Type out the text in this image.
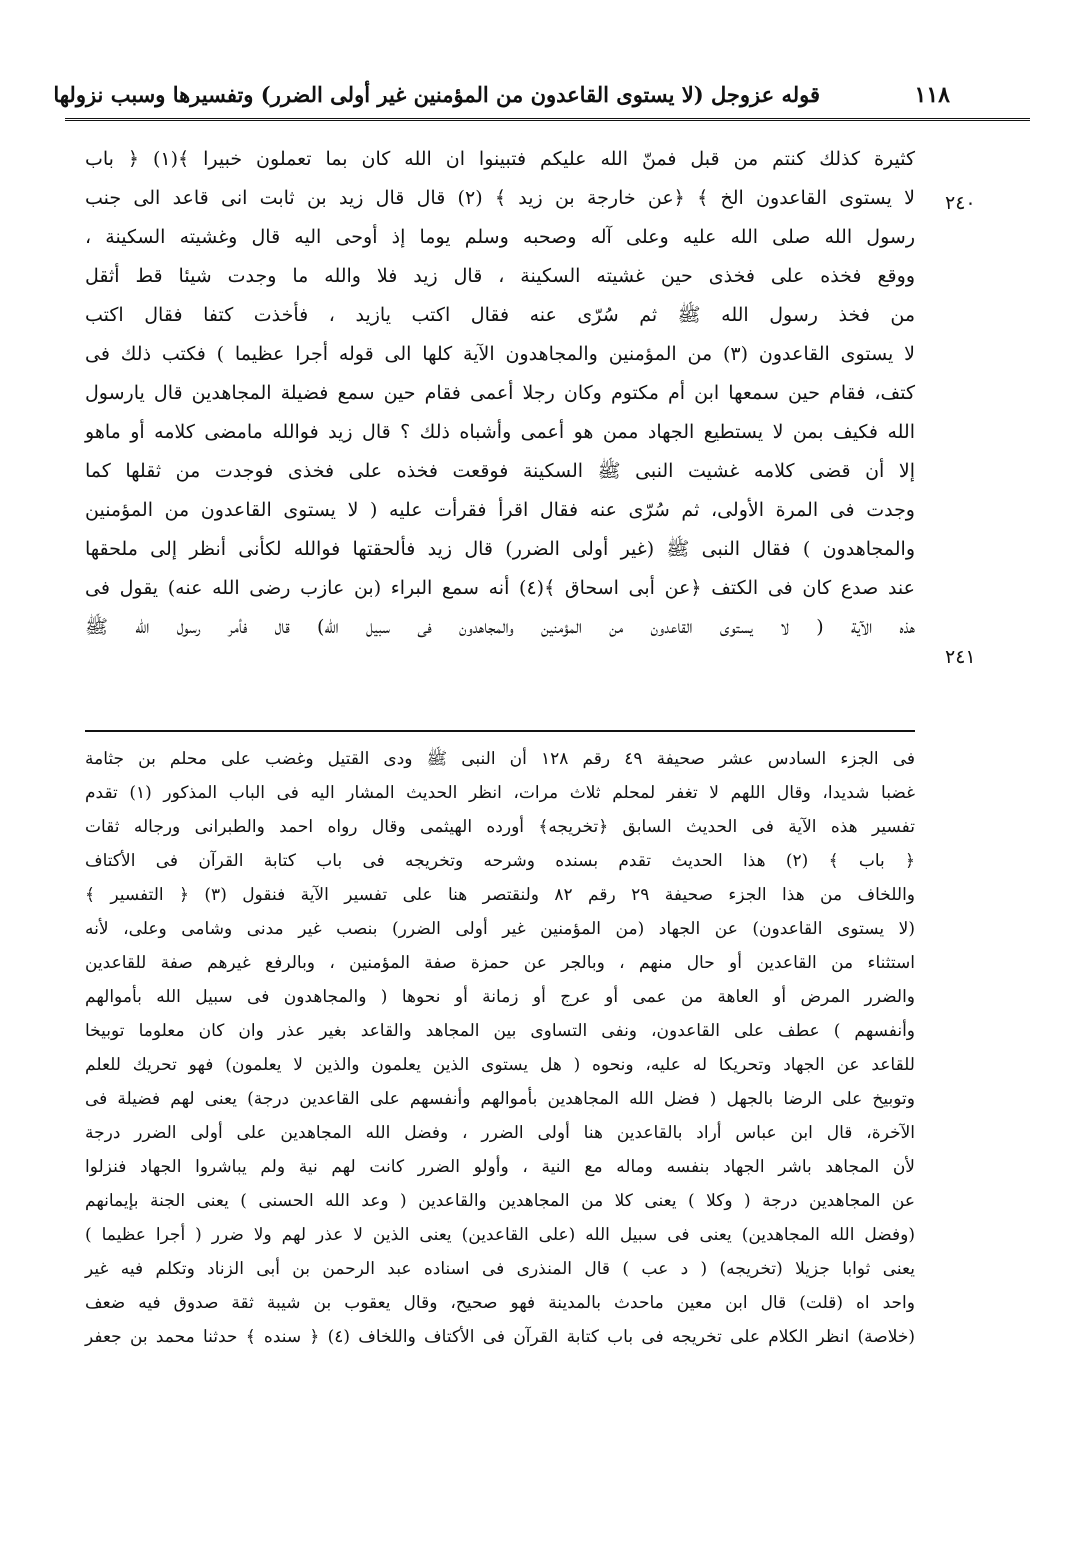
١١٨
قوله عزوجل (لا يستوى القاعدون من المؤمنين غير أولى الضرر) وتفسيرها وسبب نزولها
٢٤٠
٢٤١
كثيرة كذلك كنتم من قبل فمنّ الله عليكم فتبينوا ان الله كان بما تعملون خبيرا ﴾(١) ﴿ باب
لا يستوى القاعدون الخ ﴾ ﴿عن خارجة بن زيد ﴾ (٢) قال قال زيد بن ثابت انى قاعد الى جنب
رسول الله صلى الله عليه وعلى آله وصحبه وسلم يوما إذ أوحى اليه قال وغشيته السكينة ،
ووقع فخذه على فخذى حين غشيته السكينة ، قال زيد فلا والله ما وجدت شيئا قط أثقل
من فخذ رسول الله ﷺ ثم سُرّى عنه فقال اكتب يازيد ، فأخذت كتفا فقال اكتب
لا يستوى القاعدون (٣) من المؤمنين والمجاهدون الآية كلها الى قوله أجرا عظيما ) فكتب ذلك فى
كتف، فقام حين سمعها ابن أم مكتوم وكان رجلا أعمى فقام حين سمع فضيلة المجاهدين قال يارسول
الله فكيف بمن لا يستطيع الجهاد ممن هو أعمى وأشباه ذلك ؟ قال زيد فوالله مامضى كلامه أو ماهو
إلا أن قضى كلامه غشيت النبى ﷺ السكينة فوقعت فخذه على فخذى فوجدت من ثقلها كما
وجدت فى المرة الأولى، ثم سُرّى عنه فقال اقرأ فقرأت عليه ( لا يستوى القاعدون من المؤمنين
والمجاهدون ) فقال النبى ﷺ (غير أولى الضرر) قال زيد فألحقتها فوالله لكأنى أنظر إلى ملحقها
عند صدع كان فى الكتف ﴿عن أبى اسحاق ﴾(٤) أنه سمع البراء (بن عازب رضى الله عنه) يقول فى
هذه الآية ( لا يستوى القاعدون من المؤمنين والمجاهدون فى سبيل الله) قال فأمر رسول الله ﷺ
فى الجزء السادس عشر صحيفة ٤٩ رقم ١٢٨ أن النبى ﷺ ودى القتيل وغضب على محلم بن جثامة
غضبا شديدا، وقال اللهم لا تغفر لمحلم ثلاث مرات، انظر الحديث المشار اليه فى الباب المذكور (١) تقدم
تفسير هذه الآية فى الحديث السابق ﴿تخريجه﴾ أورده الهيثمى وقال رواه احمد والطبرانى ورجاله ثقات
﴿ باب ﴾ (٢) هذا الحديث تقدم بسنده وشرحه وتخريجه فى باب كتابة القرآن فى الأكتاف
واللخاف من هذا الجزء صحيفة ٢٩ رقم ٨٢ ولنقتصر هنا على تفسير الآية فنقول (٣) ﴿ التفسير ﴾
(لا يستوى القاعدون) عن الجهاد (من المؤمنين غير أولى الضرر) بنصب غير مدنى وشامى وعلى، لأنه
استثناء من القاعدين أو حال منهم ، وبالجر عن حمزة صفة المؤمنين ، وبالرفع غيرهم صفة للقاعدين
والضرر المرض أو العاهة من عمى أو عرج أو زمانة أو نحوها ( والمجاهدون فى سبيل الله بأموالهم
وأنفسهم ) عطف على القاعدون، ونفى التساوى بين المجاهد والقاعد بغير عذر وان كان معلوما توبيخا
للقاعد عن الجهاد وتحريكا له عليه، ونحوه ( هل يستوى الذين يعلمون والذين لا يعلمون) فهو تحريك للعلم
وتوبيخ على الرضا بالجهل ( فضل الله المجاهدين بأموالهم وأنفسهم على القاعدين درجة) يعنى لهم فضيلة فى
الآخرة، قال ابن عباس أراد بالقاعدين هنا أولى الضرر ، وفضل الله المجاهدين على أولى الضرر درجة
لأن المجاهد باشر الجهاد بنفسه وماله مع النية ، وأولو الضرر كانت لهم نية ولم يباشروا الجهاد فنزلوا
عن المجاهدين درجة ( وكلا ) يعنى كلا من المجاهدين والقاعدين ( وعد الله الحسنى ) يعنى الجنة بإيمانهم
(وفضل الله المجاهدين) يعنى فى سبيل الله (على القاعدين) يعنى الذين لا عذر لهم ولا ضرر ( أجرا عظيما )
يعنى ثوابا جزيلا (تخريجه) ( د عب ) قال المنذرى فى اسناده عبد الرحمن بن أبى الزناد وتكلم فيه غير
واحد اه (قلت) قال ابن معين ماحدث بالمدينة فهو صحيح، وقال يعقوب بن شيبة ثقة صدوق فيه ضعف
(خلاصة) انظر الكلام على تخريجه فى باب كتابة القرآن فى الأكتاف واللخاف (٤) ﴿ سنده ﴾ حدثنا محمد بن جعفر
